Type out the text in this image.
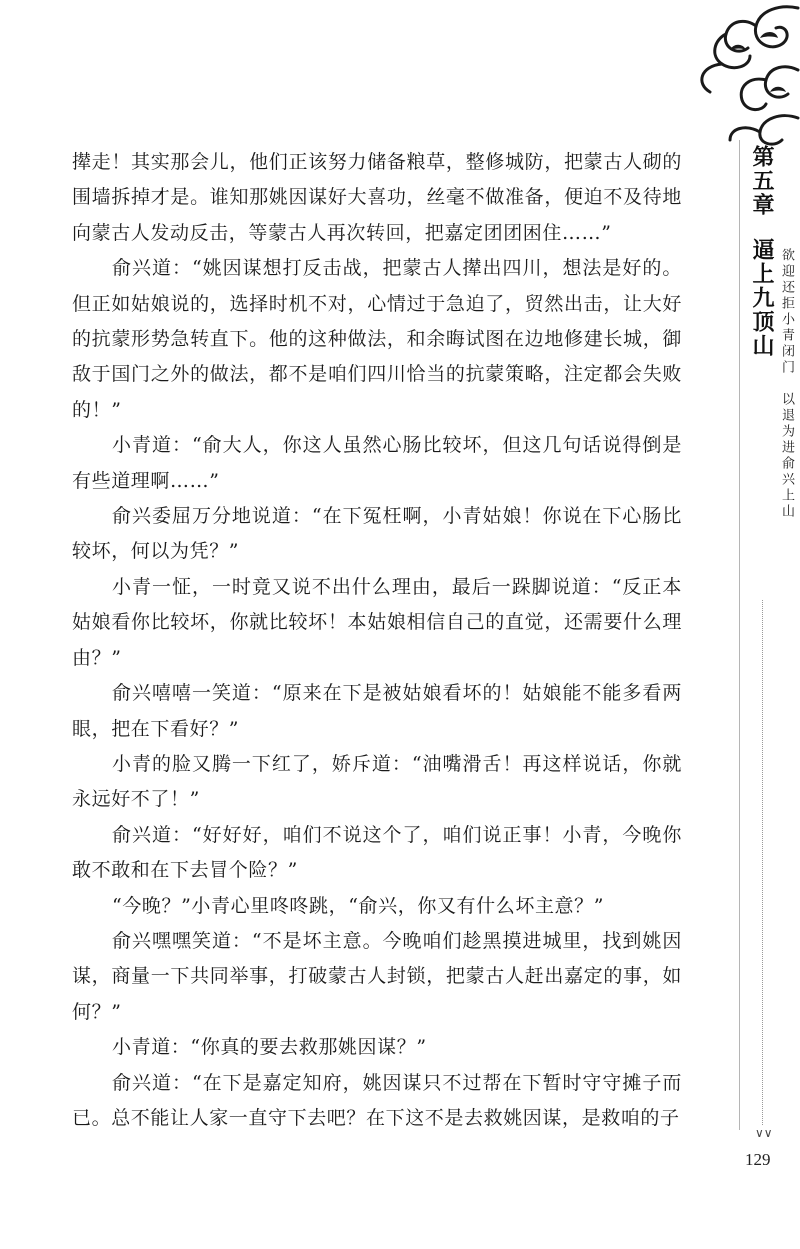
撵走！其实那会儿，他们正该努力储备粮草，整修城防，把蒙古人砌的围墙拆掉才是。谁知那姚因谋好大喜功，丝毫不做准备，便迫不及待地向蒙古人发动反击，等蒙古人再次转回，把嘉定团团困住……”

俞兴道：“姚因谋想打反击战，把蒙古人撵出四川，想法是好的。但正如姑娘说的，选择时机不对，心情过于急迫了，贸然出击，让大好的抗蒙形势急转直下。他的这种做法，和余晦试图在边地修建长城，御敌于国门之外的做法，都不是咱们四川恰当的抗蒙策略，注定都会失败的！”

小青道：“俞大人，你这人虽然心肠比较坏，但这几句话说得倒是有些道理啊……”

俞兴委屈万分地说道：“在下冤枉啊，小青姑娘！你说在下心肠比较坏，何以为凭？”

小青一怔，一时竟又说不出什么理由，最后一跺脚说道：“反正本姑娘看你比较坏，你就比较坏！本姑娘相信自己的直觉，还需要什么理由？”

俞兴嘻嘻一笑道：“原来在下是被姑娘看坏的！姑娘能不能多看两眼，把在下看好？”

小青的脸又腾一下红了，娇斥道：“油嘴滑舌！再这样说话，你就永远好不了！”

俞兴道：“好好好，咱们不说这个了，咱们说正事！小青，今晚你敢不敢和在下去冒个险？”

“今晚？”小青心里咚咚跳，“俞兴，你又有什么坏主意？”

俞兴嘿嘿笑道：“不是坏主意。今晚咱们趁黑摸进城里，找到姚因谋，商量一下共同举事，打破蒙古人封锁，把蒙古人赶出嘉定的事，如何？”

小青道：“你真的要去救那姚因谋？”

俞兴道：“在下是嘉定知府，姚因谋只不过帮在下暂时守守摊子而已。总不能让人家一直守下去吧？在下这不是去救姚因谋，是救咱的子

第五章
逼上九顶山 欲迎还拒小青闭门
以退为进俞兴上山
∨∨
129
